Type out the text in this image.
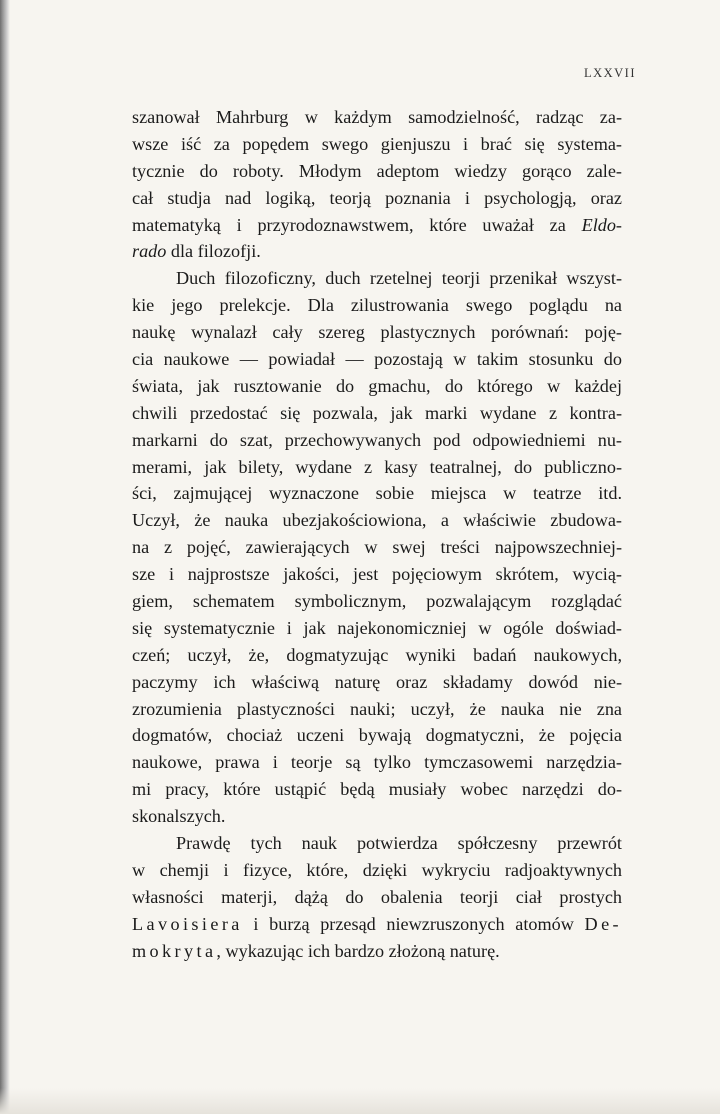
LXXVII
szanował Mahrburg w każdym samodzielność, radząc za-
wsze iść za popędem swego gienjuszu i brać się systema-
tycznie do roboty. Młodym adeptom wiedzy gorąco zale-
cał studja nad logiką, teorją poznania i psychologją, oraz
matematyką i przyrodoznawstwem, które uważał za Eldo-
rado dla filozofji.
Duch filozoficzny, duch rzetelnej teorji przenikał wszyst-
kie jego prelekcje. Dla zilustrowania swego poglądu na
naukę wynalazł cały szereg plastycznych porównań: poję-
cia naukowe — powiadał — pozostają w takim stosunku do
świata, jak rusztowanie do gmachu, do którego w każdej
chwili przedostać się pozwala, jak marki wydane z kontra-
markarni do szat, przechowywanych pod odpowiedniemi nu-
merami, jak bilety, wydane z kasy teatralnej, do publiczno-
ści, zajmującej wyznaczone sobie miejsca w teatrze itd.
Uczył, że nauka ubezjakościowiona, a właściwie zbudowa-
na z pojęć, zawierających w swej treści najpowszechniej-
sze i najprostsze jakości, jest pojęciowym skrótem, wycią-
giem, schematem symbolicznym, pozwalającym rozglądać
się systematycznie i jak najekonomiczniej w ogóle doświad-
czeń; uczył, że, dogmatyzując wyniki badań naukowych,
paczymy ich właściwą naturę oraz składamy dowód nie-
zrozumienia plastyczności nauki; uczył, że nauka nie zna
dogmatów, chociaż uczeni bywają dogmatyczni, że pojęcia
naukowe, prawa i teorje są tylko tymczasowemi narzędzia-
mi pracy, które ustąpić będą musiały wobec narzędzi do-
skonalszych.
Prawdę tych nauk potwierdza spółczesny przewrót
w chemji i fizyce, które, dzięki wykryciu radjoaktywnych
własności materji, dążą do obalenia teorji ciał prostych
Lavoisiera i burzą przesąd niewzruszonych atomów De-
mokryta, wykazując ich bardzo złożoną naturę.
